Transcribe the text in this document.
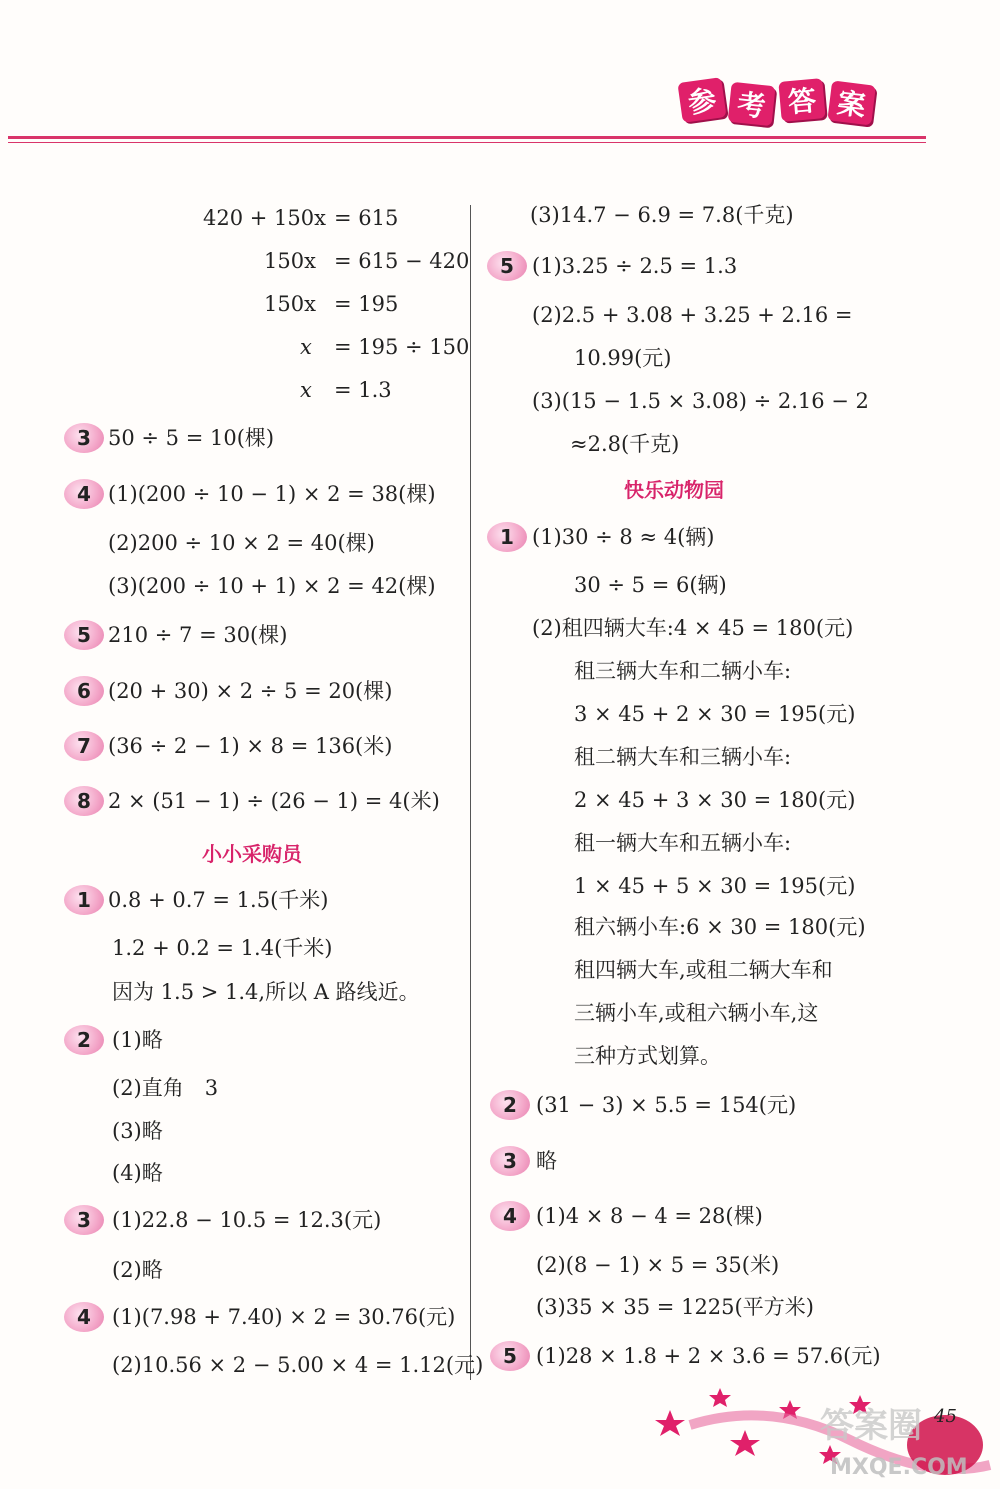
参 考 答 案
420 + 150x = 615
150x = 615 − 420
150x = 195
x = 195 ÷ 150
x = 1.3
3 50 ÷ 5 = 10(棵)
4 (1)(200 ÷ 10 − 1) × 2 = 38(棵)
(2)200 ÷ 10 × 2 = 40(棵)
(3)(200 ÷ 10 + 1) × 2 = 42(棵)
5 210 ÷ 7 = 30(棵)
6 (20 + 30) × 2 ÷ 5 = 20(棵)
7 (36 ÷ 2 − 1) × 8 = 136(米)
8 2 × (51 − 1) ÷ (26 − 1) = 4(米)
小小采购员
1 0.8 + 0.7 = 1.5(千米)
1.2 + 0.2 = 1.4(千米)
因为 1.5 > 1.4,所以 A 路线近。
2	(1)略
(2)直角　3
(3)略
(4)略
3	(1)22.8 − 10.5 = 12.3(元)
(2)略
4	(1)(7.98 + 7.40) × 2 = 30.76(元)
(2)10.56 × 2 − 5.00 × 4 = 1.12(元)
(3)14.7 − 6.9 = 7.8(千克)
5 (1)3.25 ÷ 2.5 = 1.3
(2)2.5 + 3.08 + 3.25 + 2.16 =
10.99(元)
(3)(15 − 1.5 × 3.08) ÷ 2.16 − 2
≈2.8(千克)
快乐动物园
1 (1)30 ÷ 8 ≈ 4(辆)
30 ÷ 5 = 6(辆)
(2)租四辆大车:4 × 45 = 180(元)
租三辆大车和二辆小车:
3 × 45 + 2 × 30 = 195(元)
租二辆大车和三辆小车:
2 × 45 + 3 × 30 = 180(元)
租一辆大车和五辆小车:
1 × 45 + 5 × 30 = 195(元)
租六辆小车:6 × 30 = 180(元)
租四辆大车,或租二辆大车和
三辆小车,或租六辆小车,这
三种方式划算。
2 (31 − 3) × 5.5 = 154(元)
3 略
4 (1)4 × 8 − 4 = 28(棵)
(2)(8 − 1) × 5 = 35(米)
(3)35 × 35 = 1225(平方米)
5 (1)28 × 1.8 + 2 × 3.6 = 57.6(元)
45
答案圈
MXQE.COM
